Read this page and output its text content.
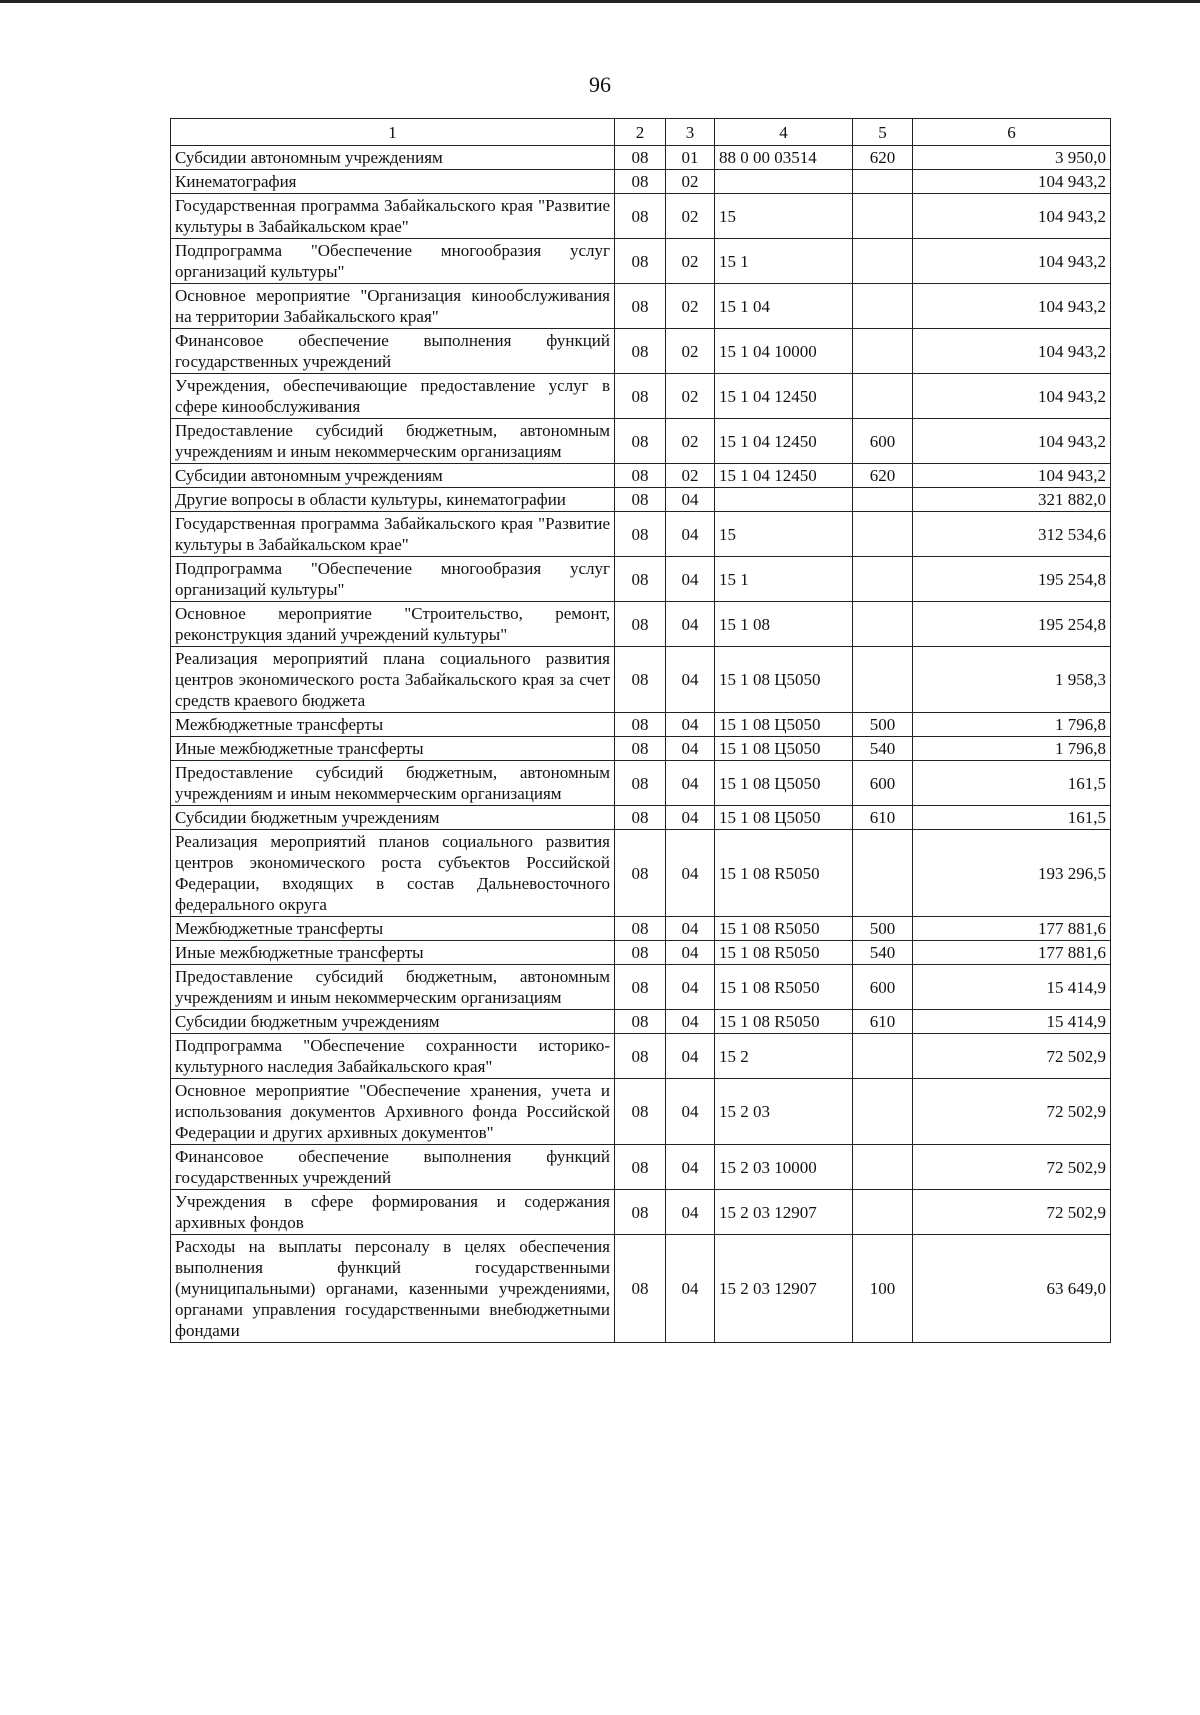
96
1	2	3	4	5	6
Субсидии автономным учреждениям	08	01	88 0 00 03514	620	3 950,0
Кинематография	08	02			104 943,2
Государственная программа Забайкальского края "Развитие культуры в Забайкальском крае"	08	02	15		104 943,2
Подпрограмма "Обеспечение многообразия услуг организаций культуры"	08	02	15 1		104 943,2
Основное мероприятие "Организация кинообслуживания на территории Забайкальского края"	08	02	15 1 04		104 943,2
Финансовое обеспечение выполнения функций государственных учреждений	08	02	15 1 04 10000		104 943,2
Учреждения, обеспечивающие предоставление услуг в сфере кинообслуживания	08	02	15 1 04 12450		104 943,2
Предоставление субсидий бюджетным, автономным учреждениям и иным некоммерческим организациям	08	02	15 1 04 12450	600	104 943,2
Субсидии автономным учреждениям	08	02	15 1 04 12450	620	104 943,2
Другие вопросы в области культуры, кинематографии	08	04			321 882,0
Государственная программа Забайкальского края "Развитие культуры в Забайкальском крае"	08	04	15		312 534,6
Подпрограмма "Обеспечение многообразия услуг организаций культуры"	08	04	15 1		195 254,8
Основное мероприятие "Строительство, ремонт, реконструкция зданий учреждений культуры"	08	04	15 1 08		195 254,8
Реализация мероприятий плана социального развития центров экономического роста Забайкальского края за счет средств краевого бюджета	08	04	15 1 08 Ц5050		1 958,3
Межбюджетные трансферты	08	04	15 1 08 Ц5050	500	1 796,8
Иные межбюджетные трансферты	08	04	15 1 08 Ц5050	540	1 796,8
Предоставление субсидий бюджетным, автономным учреждениям и иным некоммерческим организациям	08	04	15 1 08 Ц5050	600	161,5
Субсидии бюджетным учреждениям	08	04	15 1 08 Ц5050	610	161,5
Реализация мероприятий планов социального развития центров экономического роста субъектов Российской Федерации, входящих в состав Дальневосточного федерального округа	08	04	15 1 08 R5050		193 296,5
Межбюджетные трансферты	08	04	15 1 08 R5050	500	177 881,6
Иные межбюджетные трансферты	08	04	15 1 08 R5050	540	177 881,6
Предоставление субсидий бюджетным, автономным учреждениям и иным некоммерческим организациям	08	04	15 1 08 R5050	600	15 414,9
Субсидии бюджетным учреждениям	08	04	15 1 08 R5050	610	15 414,9
Подпрограмма "Обеспечение сохранности историко-культурного наследия Забайкальского края"	08	04	15 2		72 502,9
Основное мероприятие "Обеспечение хранения, учета и использования документов Архивного фонда Российской Федерации и других архивных документов"	08	04	15 2 03		72 502,9
Финансовое обеспечение выполнения функций государственных учреждений	08	04	15 2 03 10000		72 502,9
Учреждения в сфере формирования и содержания архивных фондов	08	04	15 2 03 12907		72 502,9
Расходы на выплаты персоналу в целях обеспечения выполнения функций государственными (муниципальными) органами, казенными учреждениями, органами управления государственными внебюджетными фондами	08	04	15 2 03 12907	100	63 649,0
